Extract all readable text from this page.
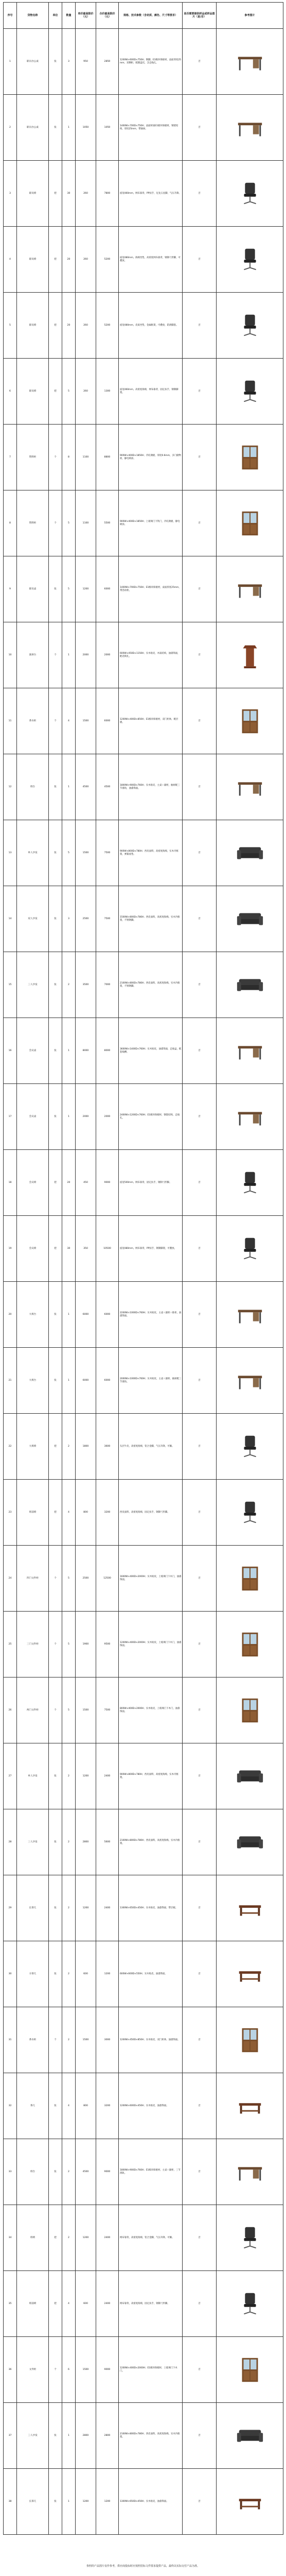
序号	货物名称	单位	数量	单价最高限价（元）	合价最高限价（元）	规格、技术参数（含材质、颜色、尺寸等要求）	是否需要提供样品或样品图片（是/否）	参考图片
1	职员办公桌	张	3	950	2850	1200W×600D×750H；钢脚，E1级环保板材，桌面厚度25mm，双侧柜，配键盘托，含走线孔。	否	

2	职员办公桌	张	1	1050	1050	1400W×700D×750H；桌面材质E1级环保板材，钢架结构，厚度25mm，带抽屉。	否	

3	职员椅	把	30	260	7800	座宽460mm，网布靠背，PP扶手，尼龙五星脚，气压升降。	否	

4	职员椅	把	20	260	5200	座宽480mm，海绵坐垫，高密度网布靠背，钢制弓形脚，可叠放。	否	

5	职员椅	把	20	260	5200	座宽480mm，皮质坐垫，金属框架，可叠放，防滑脚套。	否	

6	职员椅	把	5	260	1300	座宽460mm，高密度海绵，网布靠背，固定扶手，钢制脚架。	否	

7	资料柜	个	8	1100	8800	900W×400D×1850H；冷轧钢板，厚度0.6mm，多门储物柜，静电喷涂。	否	

8	资料柜	个	5	1100	5500	900W×400D×1850H；上玻璃门下铁门，冷轧钢板，静电喷涂。	否	

9	职员桌	张	5	1200	6000	1400W×700D×750H；E1级环保板材，桌面厚度25mm，带活动柜。	否	

10	演讲台	个	1	2000	2000	600W×450D×1150H；实木贴皮，木质结构，油漆饰面，配话筒孔。	否	

11	茶水柜	个	4	1500	6000	1200W×400D×850H；E1级环保板材，双门柜体，配层板。	否	

12	班台	张	1	4500	4500	1800W×900D×760H；实木贴皮，主桌＋副柜，抽屉配三节滑轨，油漆饰面。	否	

13	单人沙发	张	5	1500	7500	900W×800D×780H；西皮面料，高密度海绵，实木内框架，弹簧座垫。	否	

14	双人沙发	张	3	2500	7500	1500W×800D×780H；西皮面料，高密度海绵，实木内框架，不锈钢脚。	否	

15	三人沙发	张	2	3500	7000	2100W×800D×780H；西皮面料，高密度海绵，实木内框架，不锈钢脚。	否	

16	会议桌	张	1	8000	8000	3600W×1400D×760H；实木贴皮，油漆饰面，走线盒，配套线槽。	否	

17	会议桌	张	1	2000	2000	2400W×1200D×760H；E1级环保板材，钢架结构，走线孔。	否	

18	会议椅	把	20	450	9000	座宽500mm，网布靠背，固定扶手，钢制弓形脚。	否	

19	会议椅	把	30	350	10500	座宽480mm，网布靠背，PP扶手，钢制脚架，可叠放。	否	

20	大班台	张	1	6000	6000	2200W×1000D×760H；实木贴皮，主桌＋副柜＋推柜，油漆饰面。	否	

21	大班台	张	1	6000	6000	2000W×1000D×760H；实木贴皮，主桌＋副柜，抽屉配三节滑轨。	否	

22	大班椅	把	2	1800	3600	头层牛皮，高密度海绵，铝合金脚，气压升降，可躺。	否	

23	班前椅	把	4	800	3200	西皮面料，高密度海绵，固定扶手，钢制弓形脚。	否	

24	四门文件柜	个	5	2500	12500	1600W×400D×2000H；实木贴皮，上玻璃门下木门，油漆饰面。	否	

25	三门文件柜	个	5	1900	9500	1200W×400D×2000H；实木贴皮，上玻璃门下木门，油漆饰面。	否	

26	两门文件柜	个	5	1500	7500	800W×400D×2000H；实木贴皮，上玻璃门下木门，油漆饰面。	否	

27	单人沙发	张	2	1200	2400	900W×800D×780H；西皮面料，高密度海绵，实木内框架。	否	

28	三人沙发	张	2	2800	5600	2100W×800D×780H；西皮面料，高密度海绵，实木内框架。	否	

29	长茶几	张	2	1200	2400	1300W×650D×450H；实木贴皮，油漆饰面，带层板。	否	

30	方茶几	张	2	600	1200	600W×600D×550H；实木贴皮，油漆饰面。	否	

31	茶水柜	个	2	1500	3000	1200W×450D×850H；实木贴皮，双门柜体，油漆饰面。	否	

32	茶几	张	4	800	3200	1200W×600D×450H；实木贴皮，油漆饰面。	否	

33	班台	张	2	4500	9000	1800W×900D×760H；E1级环保板材，主桌＋副柜，三节滑轨。	否	

34	班椅	把	2	1200	2400	网布靠背，高密度海绵，铝合金脚，气压升降，可躺。	否	

35	班前椅	把	4	600	2400	网布靠背，高密度海绵，固定扶手，钢制弓形脚。	否	

36	文件柜	个	6	1500	9000	1200W×400D×2000H；E1级环保板材，上玻璃门下木门。	否	

37	三人沙发	张	1	2800	2800	2100W×800D×780H；西皮面料，高密度海绵，实木内框架。	否	

38	长茶几	张	1	1200	1200	1300W×650D×450H；实木贴皮，油漆饰面。	否	
参照的产品图片仅作参考，供应商投标时应按照招标文件要求提供产品，最终以实际交付产品为准。
